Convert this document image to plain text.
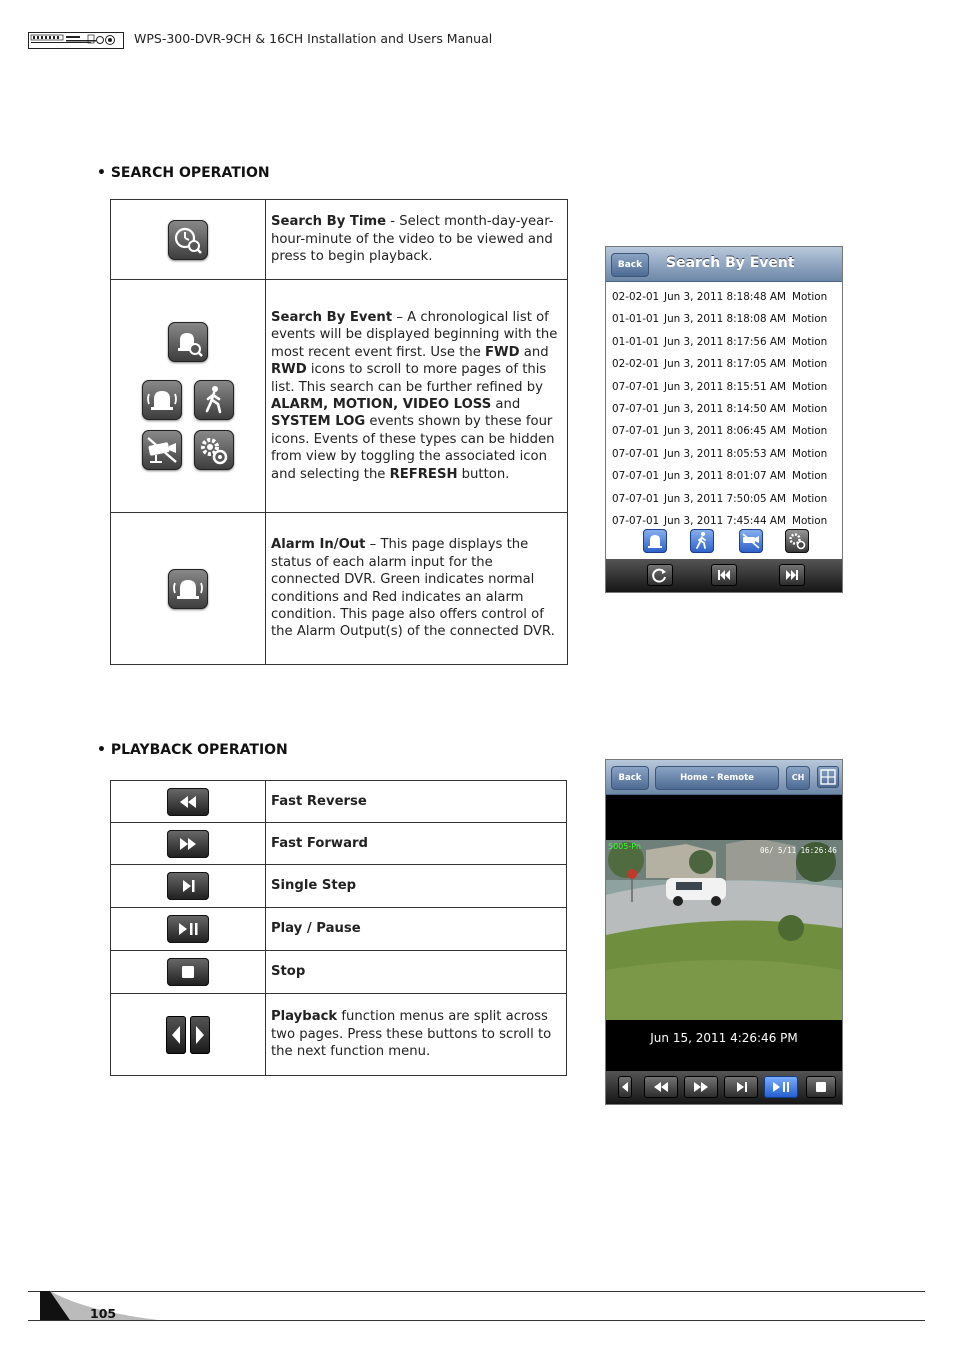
WPS-300-DVR-9CH & 16CH Installation and Users Manual
• SEARCH OPERATION
	Search By Time - Select month-day-year-hour-minute of the video to be viewed and press to begin playback.

	Search By Event – A chronological list of events will be displayed beginning with the most recent event first. Use the FWD and RWD icons to scroll to more pages of this list. This search can be further refined by ALARM, MOTION, VIDEO LOSS and SYSTEM LOG events shown by these four icons. Events of these types can be hidden from view by toggling the associated icon and selecting the REFRESH button.

	Alarm In/Out – This page displays the status of each alarm input for the connected DVR. Green indicates normal conditions and Red indicates an alarm condition. This page also offers control of the Alarm Output(s) of the connected DVR.
Back	Search By Event
02-02-01 Jun 3, 2011 8:18:48 AM Motion
01-01-01 Jun 3, 2011 8:18:08 AM Motion
01-01-01 Jun 3, 2011 8:17:56 AM Motion
02-02-01 Jun 3, 2011 8:17:05 AM Motion
07-07-01 Jun 3, 2011 8:15:51 AM Motion
07-07-01 Jun 3, 2011 8:14:50 AM Motion
07-07-01 Jun 3, 2011 8:06:45 AM Motion
07-07-01 Jun 3, 2011 8:05:53 AM Motion
07-07-01 Jun 3, 2011 8:01:07 AM Motion
07-07-01 Jun 3, 2011 7:50:05 AM Motion
07-07-01 Jun 3, 2011 7:45:44 AM Motion
• PLAYBACK OPERATION
	Fast Reverse

	Fast Forward

	Single Step

	Play / Pause

	Stop

	Playback function menus are split across two pages. Press these buttons to scroll to the next function menu.
Back	Home - Remote	CH
5005-Pn	06/ 5/11 16:26:46
Jun 15, 2011 4:26:46 PM
105
